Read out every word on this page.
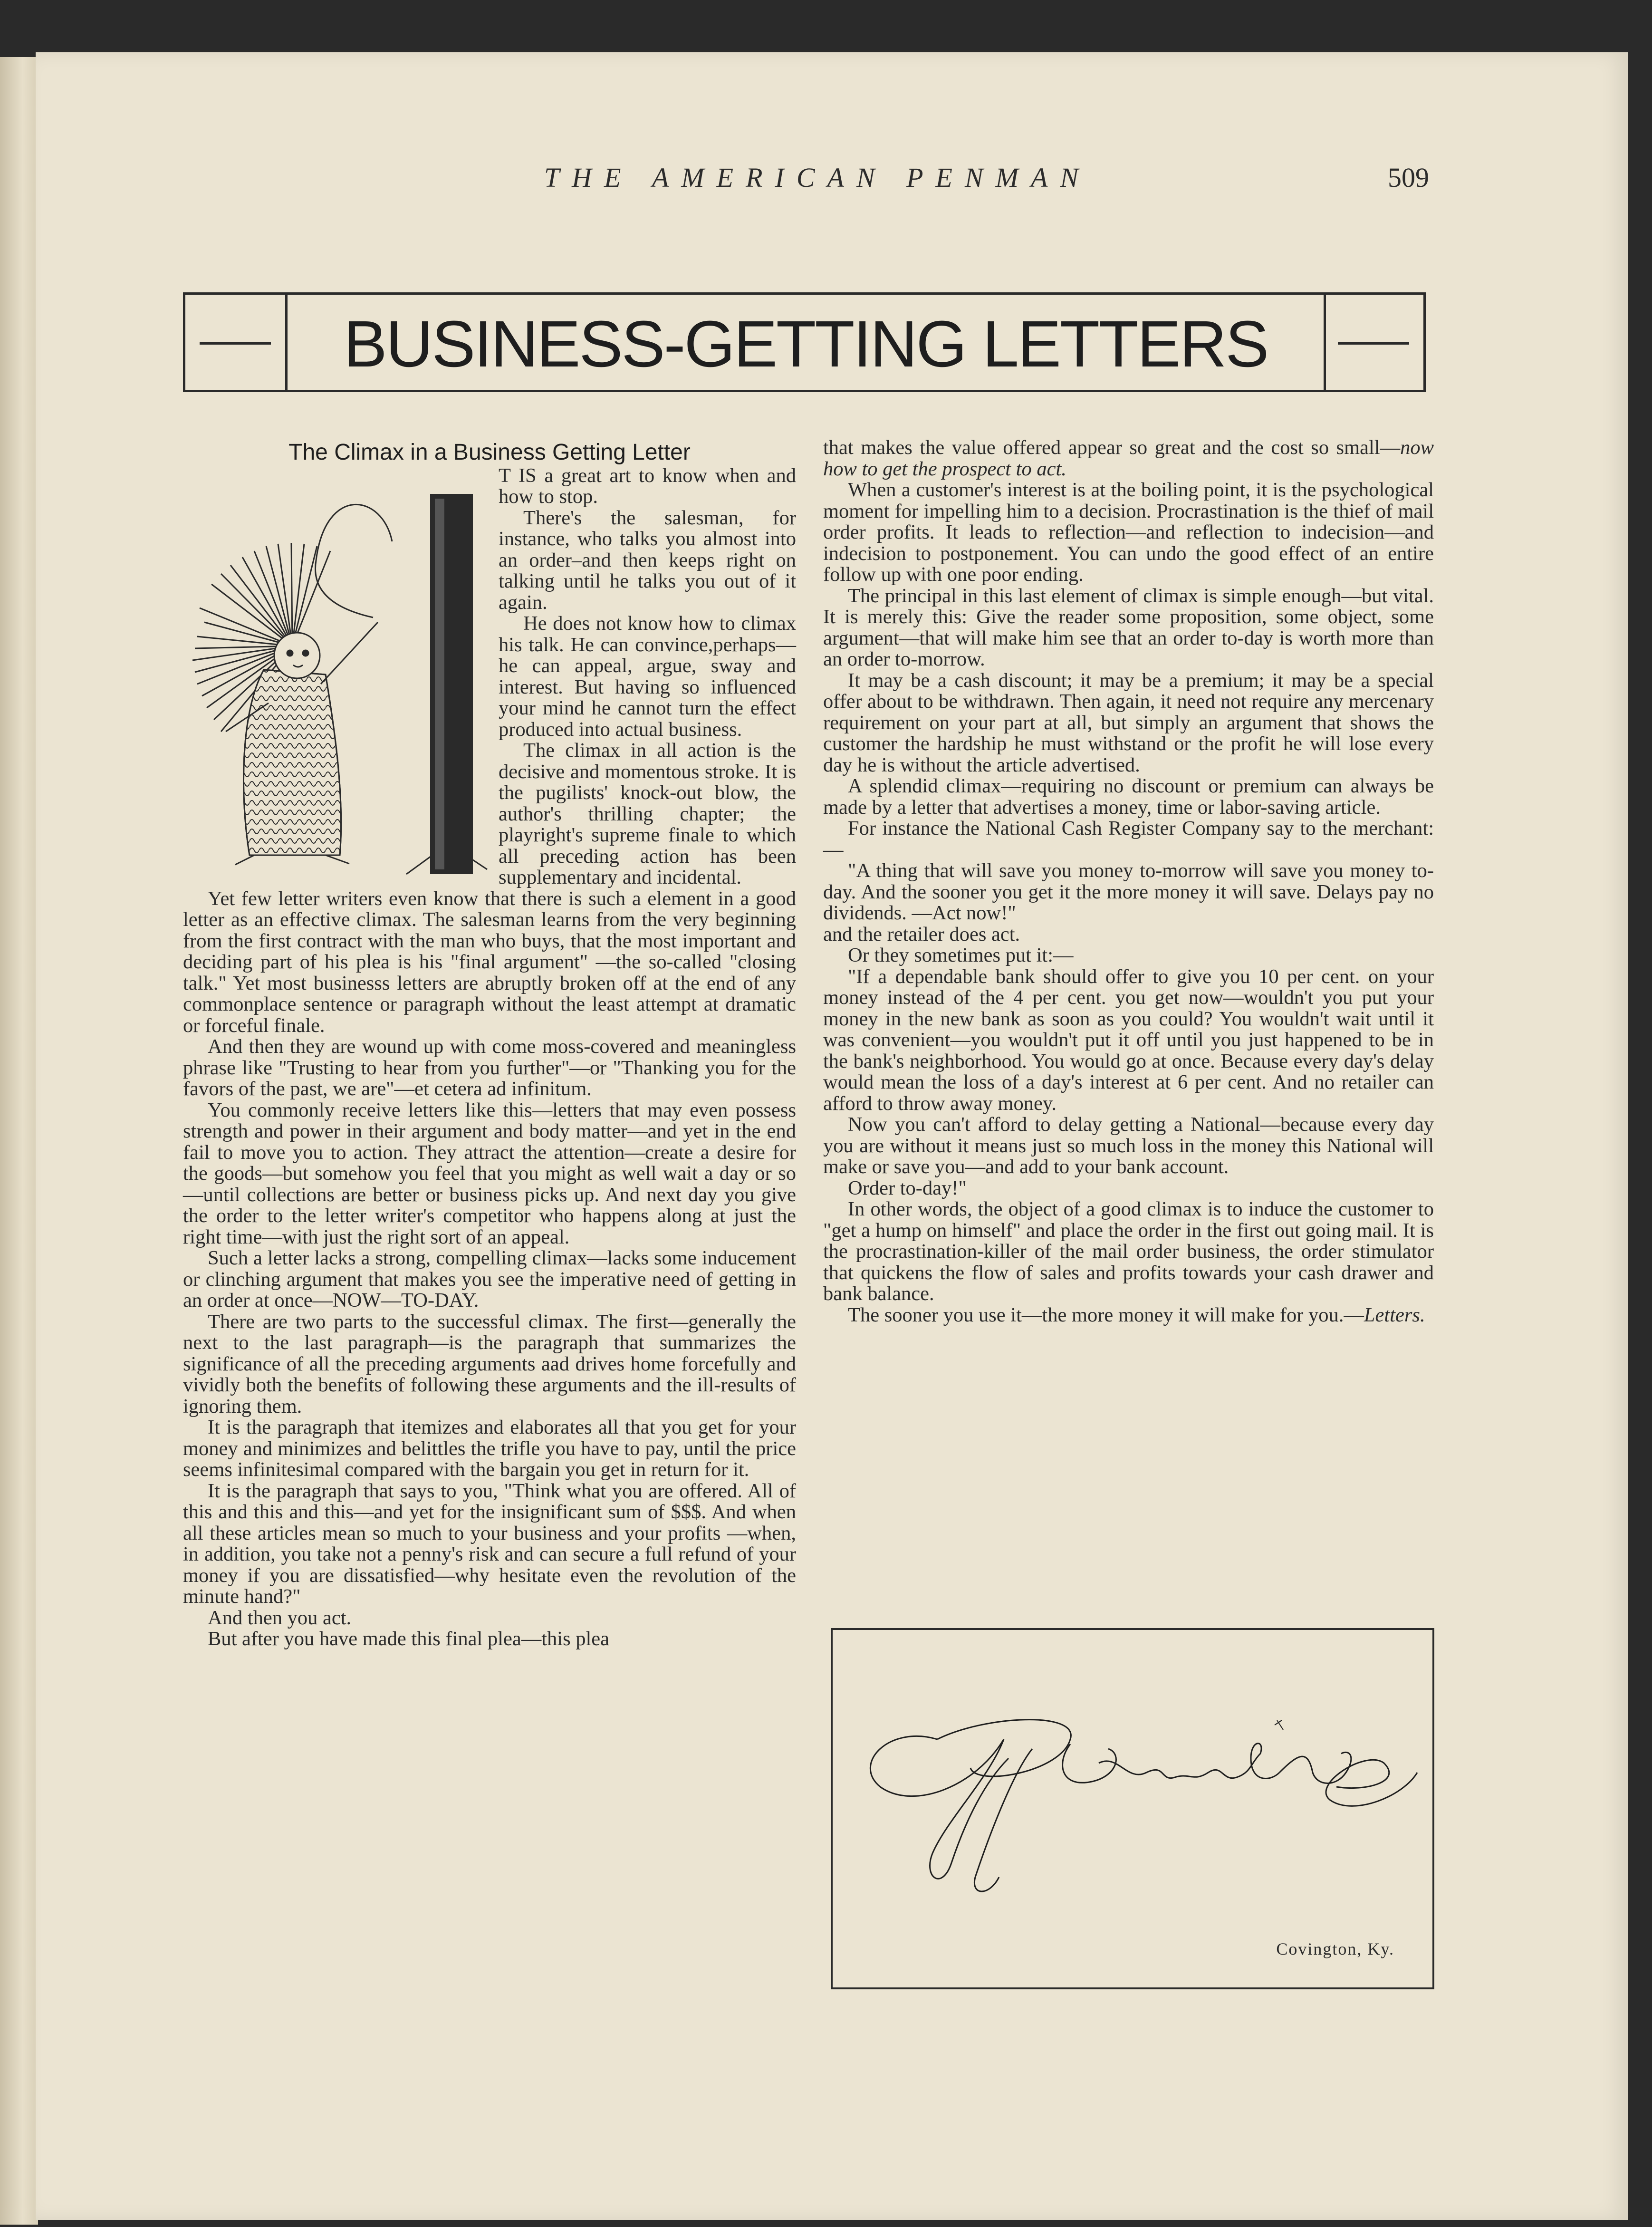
THE AMERICAN PENMAN	509
BUSINESS-GETTING LETTERS
The Climax in a Business Getting Letter

T IS a great art to know when and how to stop.

There's the salesman, for instance, who talks you almost into an order–and then keeps right on talking until he talks you out of it again.

He does not know how to climax his talk. He can convince,perhaps—he can appeal, argue, sway and interest. But having so influenced your mind he cannot turn the effect produced into actual business.

The climax in all action is the decisive and momentous stroke. It is the pugilists' knock-out blow, the author's thrilling chapter; the playright's supreme finale to which all preceding action has been supplementary and incidental.

Yet few letter writers even know that there is such a element in a good letter as an effective climax. The salesman learns from the very beginning from the first contract with the man who buys, that the most important and deciding part of his plea is his "final argument" —the so-called "closing talk." Yet most businesss letters are abruptly broken off at the end of any commonplace sentence or paragraph without the least attempt at dramatic or forceful finale.

And then they are wound up with come moss-covered and meaningless phrase like "Trusting to hear from you further"—or "Thanking you for the favors of the past, we are"—et cetera ad infinitum.

You commonly receive letters like this—letters that may even possess strength and power in their argument and body matter—and yet in the end fail to move you to action. They attract the attention—create a desire for the goods—but somehow you feel that you might as well wait a day or so—until collections are better or business picks up. And next day you give the order to the letter writer's competitor who happens along at just the right time—with just the right sort of an appeal.

Such a letter lacks a strong, compelling climax—lacks some inducement or clinching argument that makes you see the imperative need of getting in an order at once—NOW—TO-DAY.

There are two parts to the successful climax. The first—generally the next to the last paragraph—is the paragraph that summarizes the significance of all the preceding arguments aad drives home forcefully and vividly both the benefits of following these arguments and the ill-results of ignoring them.

It is the paragraph that itemizes and elaborates all that you get for your money and minimizes and belittles the trifle you have to pay, until the price seems infinitesimal compared with the bargain you get in return for it.

It is the paragraph that says to you, "Think what you are offered. All of this and this and this—and yet for the insignificant sum of $$$. And when all these articles mean so much to your business and your profits —when, in addition, you take not a penny's risk and can secure a full refund of your money if you are dissatisfied—why hesitate even the revolution of the minute hand?"

And then you act.

But after you have made this final plea—this plea

that makes the value offered appear so great and the cost so small—now how to get the prospect to act.

When a customer's interest is at the boiling point, it is the psychological moment for impelling him to a decision. Procrastination is the thief of mail order profits. It leads to reflection—and reflection to indecision—and indecision to postponement. You can undo the good effect of an entire follow up with one poor ending.

The principal in this last element of climax is simple enough—but vital. It is merely this: Give the reader some proposition, some object, some argument—that will make him see that an order to-day is worth more than an order to-morrow.

It may be a cash discount; it may be a premium; it may be a special offer about to be withdrawn. Then again, it need not require any mercenary requirement on your part at all, but simply an argument that shows the customer the hardship he must withstand or the profit he will lose every day he is without the article advertised.

A splendid climax—requiring no discount or premium can always be made by a letter that advertises a money, time or labor-saving article.

For instance the National Cash Register Company say to the merchant:—

"A thing that will save you money to-morrow will save you money to-day. And the sooner you get it the more money it will save. Delays pay no dividends. —Act now!"

and the retailer does act.

Or they sometimes put it:—

"If a dependable bank should offer to give you 10 per cent. on your money instead of the 4 per cent. you get now—wouldn't you put your money in the new bank as soon as you could? You wouldn't wait until it was convenient—you wouldn't put it off until you just happened to be in the bank's neighborhood. You would go at once. Because every day's delay would mean the loss of a day's interest at 6 per cent. And no retailer can afford to throw away money.

Now you can't afford to delay getting a National—because every day you are without it means just so much loss in the money this National will make or save you—and add to your bank account.

Order to-day!"

In other words, the object of a good climax is to induce the customer to "get a hump on himself" and place the order in the first out going mail. It is the procrastination-killer of the mail order business, the order stimulator that quickens the flow of sales and profits towards your cash drawer and bank balance.

The sooner you use it—the more money it will make for you.—Letters.

Covington, Ky.
